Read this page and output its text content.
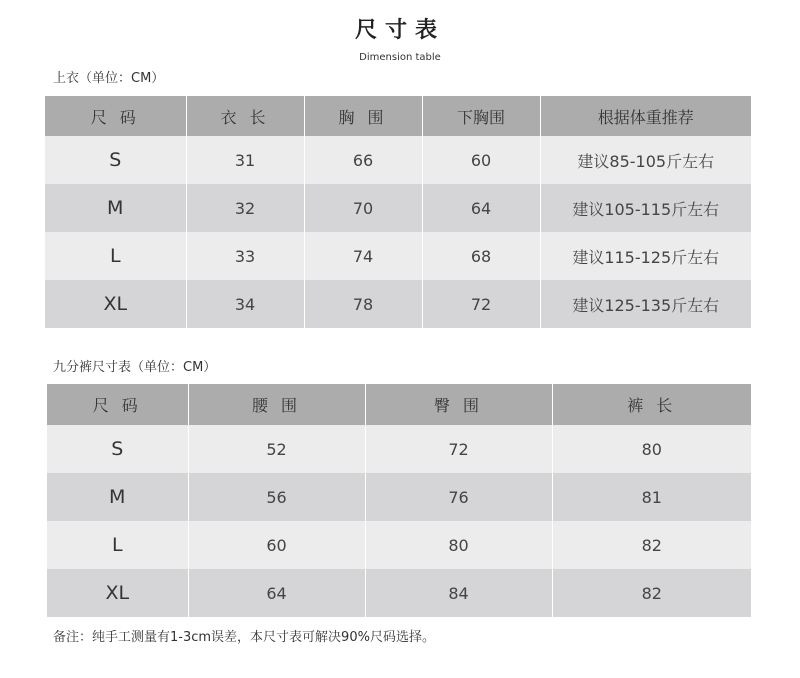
尺寸表
Dimension table
上衣（单位：CM）
尺 码	衣 长	胸 围	下胸围	根据体重推荐
S	31	66	60	建议85-105斤左右
M	32	70	64	建议105-115斤左右
L	33	74	68	建议115-125斤左右
XL	34	78	72	建议125-135斤左右
九分裤尺寸表（单位：CM）
尺 码	腰 围	臀 围	裤 长
S	52	72	80
M	56	76	81
L	60	80	82
XL	64	84	82
备注：纯手工测量有1-3cm误差，本尺寸表可解决90%尺码选择。
